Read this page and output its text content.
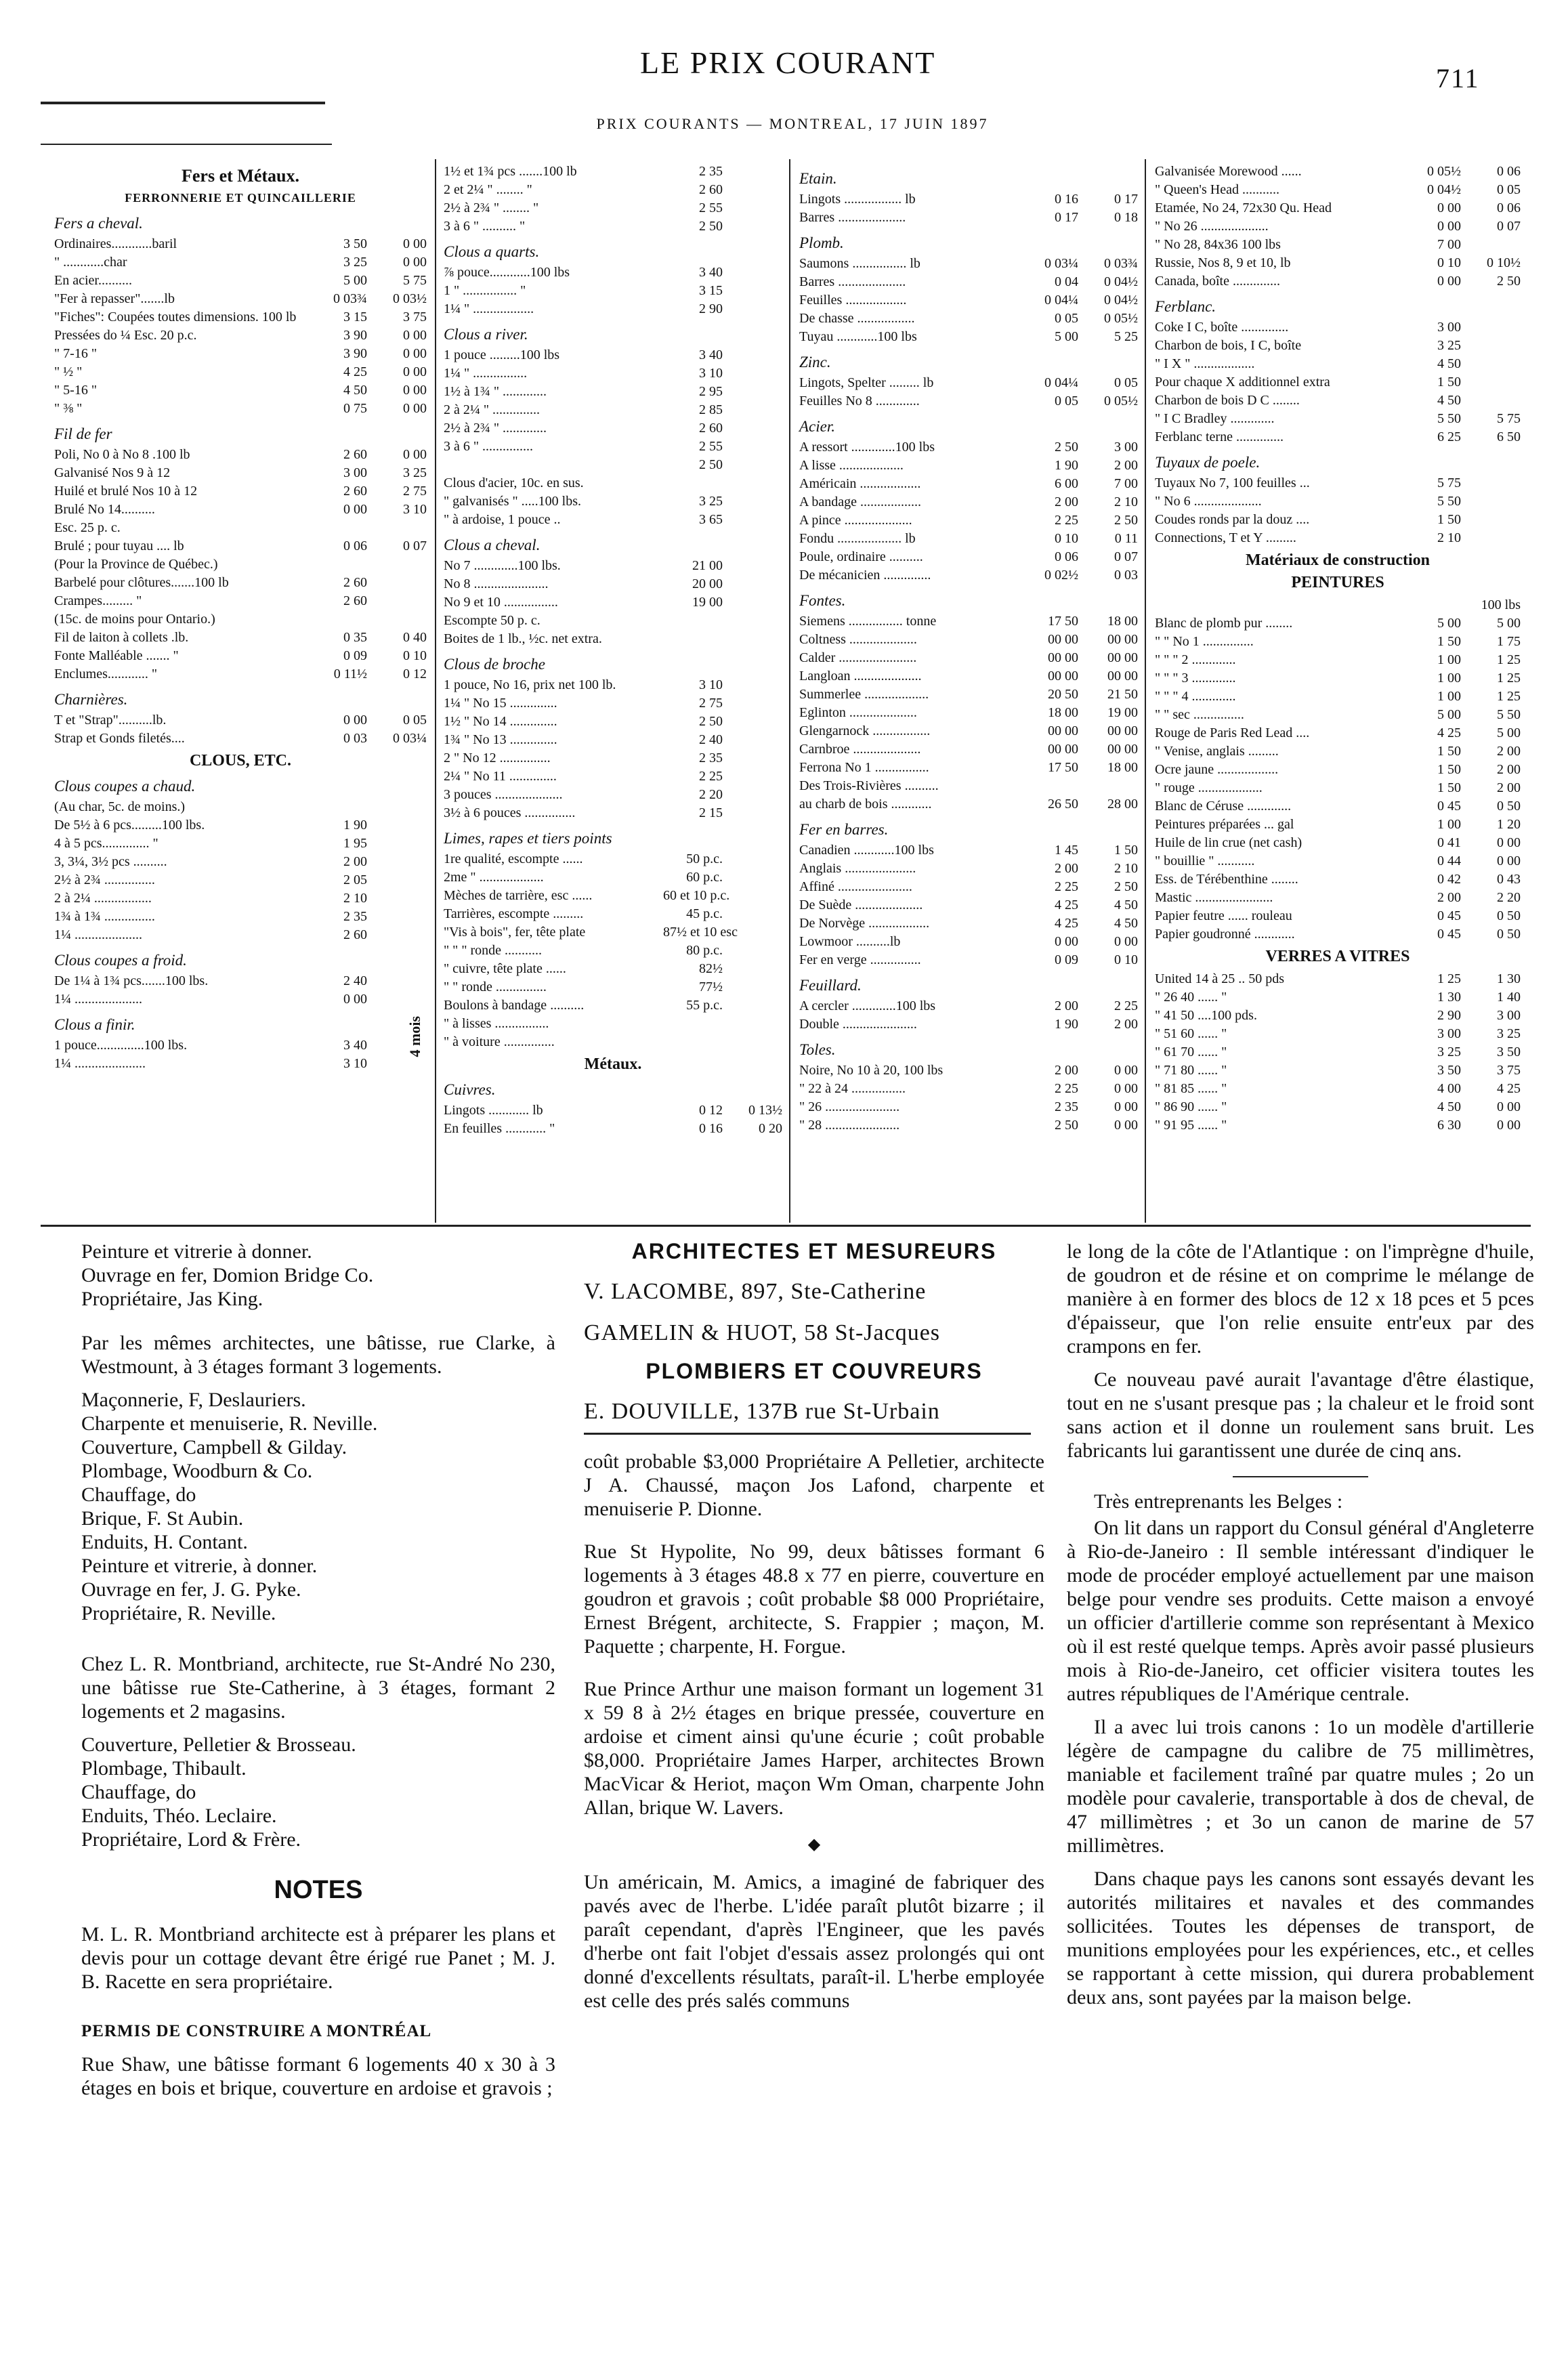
LE PRIX COURANT	711
PRIX COURANTS — MONTREAL, 17 JUIN 1897
Fers et Métaux.
FERRONNERIE ET QUINCAILLERIE
Fers a cheval.
Ordinaires............baril	3 50	0 00
" ............char	3 25	0 00
En acier..........	5 00	5 75
"Fer à repasser".......lb	0 03¾	0 03½
"Fiches": Coupées toutes dimensions. 100 lb	3 15	3 75
Pressées do ¼ Esc. 20 p.c.	3 90	0 00
" 7-16 "	3 90	0 00
" ½ "	4 25	0 00
" 5-16 "	4 50	0 00
" ⅜ "	0 75	0 00
Fil de fer
Poli, No 0 à No 8 .100 lb	2 60	0 00
Galvanisé Nos 9 à 12	3 00	3 25
Huilé et brulé Nos 10 à 12	2 60	2 75
Brulé No 14..........	0 00	3 10
Esc. 25 p. c.
Brulé ; pour tuyau .... lb	0 06	0 07
(Pour la Province de Québec.)
Barbelé pour clôtures.......100 lb	2 60
Crampes......... "	2 60
(15c. de moins pour Ontario.)
Fil de laiton à collets .lb.	0 35	0 40
Fonte Malléable ....... "	0 09	0 10
Enclumes............ "	0 11½	0 12
Charnières.
T et "Strap"..........lb.	0 00	0 05
Strap et Gonds filetés....	0 03	0 03¼
CLOUS, ETC.
Clous coupes a chaud.
(Au char, 5c. de moins.)
De 5½ à 6 pcs.........100 lbs.	1 90
4 à 5 pcs.............. "	1 95
3, 3¼, 3½ pcs ..........	2 00
2½ à 2¾ ...............	2 05
2 à 2¼ .................	2 10
1¾ à 1¾ ...............	2 35
1¼ ....................	2 60
Clous coupes a froid.
De 1¼ à 1¾ pcs.......100 lbs.	2 40
1¼ ....................	0 00
Clous a finir.
1 pouce..............100 lbs.	3 40
1¼ .....................	3 10
4 mois
1½ et 1¾ pcs .......100 lb	2 35
2 et 2¼ " ........ "	2 60
2½ à 2¾ " ........ "	2 55
3 à 6 " .......... "	2 50
Clous a quarts.
⅞ pouce............100 lbs	3 40
1 " ................ "	3 15
1¼ " ..................	2 90
Clous a river.
1 pouce .........100 lbs	3 40
1¼ " ................	3 10
1½ à 1¾ " .............	2 95
2 à 2¼ " ..............	2 85
2½ à 2¾ " .............	2 60
3 à 6 " ...............	2 55
2 50
Clous d'acier, 10c. en sus.
" galvanisés " .....100 lbs.	3 25
" à ardoise, 1 pouce ..	3 65
Clous a cheval.
No 7 .............100 lbs.	21 00
No 8 ......................	20 00
No 9 et 10 ................	19 00
Escompte 50 p. c.
Boites de 1 lb., ½c. net extra.
Clous de broche
1 pouce, No 16, prix net 100 lb.	3 10
1¼ " No 15 ..............	2 75
1½ " No 14 ..............	2 50
1¾ " No 13 ..............	2 40
2 " No 12 ...............	2 35
2¼ " No 11 ..............	2 25
3 pouces ....................	2 20
3½ à 6 pouces ...............	2 15
Limes, rapes et tiers points
1re qualité, escompte ......	50 p.c.
2me " ...................	60 p.c.
Mèches de tarrière, esc ......	60 et 10 p.c.
Tarrières, escompte .........	45 p.c.
"Vis à bois", fer, tête plate	87½ et 10 esc
" " " ronde ...........	80 p.c.
" cuivre, tête plate ......	82½
" " ronde ...............	77½
Boulons à bandage ..........	55 p.c.
" à lisses ................
" à voiture ...............
Métaux.
Cuivres.
Lingots ............ lb	0 12	0 13½
En feuilles ............ "	0 16	0 20
Etain.
Lingots ................. lb	0 16	0 17
Barres ....................	0 17	0 18
Plomb.
Saumons ................ lb	0 03¼	0 03¾
Barres ....................	0 04	0 04½
Feuilles ..................	0 04¼	0 04½
De chasse .................	0 05	0 05½
Tuyau ............100 lbs	5 00	5 25
Zinc.
Lingots, Spelter ......... lb	0 04¼	0 05
Feuilles No 8 .............	0 05	0 05½
Acier.
A ressort .............100 lbs	2 50	3 00
A lisse ...................	1 90	2 00
Américain ..................	6 00	7 00
A bandage ..................	2 00	2 10
A pince ....................	2 25	2 50
Fondu ................... lb	0 10	0 11
Poule, ordinaire ..........	0 06	0 07
De mécanicien ..............	0 02½	0 03
Fontes.
Siemens ................ tonne	17 50	18 00
Coltness ....................	00 00	00 00
Calder .......................	00 00	00 00
Langloan ....................	00 00	00 00
Summerlee ...................	20 50	21 50
Eglinton ....................	18 00	19 00
Glengarnock .................	00 00	00 00
Carnbroe ....................	00 00	00 00
Ferrona No 1 ................	17 50	18 00
Des Trois-Rivières ..........
au charb de bois ............	26 50	28 00
Fer en barres.
Canadien ............100 lbs	1 45	1 50
Anglais .....................	2 00	2 10
Affiné ......................	2 25	2 50
De Suède ....................	4 25	4 50
De Norvège ..................	4 25	4 50
Lowmoor ..........lb	0 00	0 00
Fer en verge ...............	0 09	0 10
Feuillard.
A cercler .............100 lbs	2 00	2 25
Double ......................	1 90	2 00
Toles.
Noire, No 10 à 20, 100 lbs	2 00	0 00
" 22 à 24 ................	2 25	0 00
" 26 ......................	2 35	0 00
" 28 ......................	2 50	0 00
Galvanisée Morewood ......	0 05½	0 06
" Queen's Head ...........	0 04½	0 05
Etamée, No 24, 72x30 Qu. Head	0 00	0 06
" No 26 ....................	0 00	0 07
" No 28, 84x36 100 lbs	7 00
Russie, Nos 8, 9 et 10, lb	0 10	0 10½
Canada, boîte ..............	0 00	2 50
Ferblanc.
Coke I C, boîte ..............	3 00
Charbon de bois, I C, boîte	3 25
" I X " ..................	4 50
Pour chaque X additionnel extra	1 50
Charbon de bois D C ........	4 50
" I C Bradley .............	5 50	5 75
Ferblanc terne ..............	6 25	6 50
Tuyaux de poele.
Tuyaux No 7, 100 feuilles ...	5 75
" No 6 ....................	5 50
Coudes ronds par la douz ....	1 50
Connections, T et Y .........	2 10
Matériaux de construction
PEINTURES
100 lbs
Blanc de plomb pur ........	5 00	5 00
" " No 1 ...............	1 50	1 75
" " " 2 .............	1 00	1 25
" " " 3 .............	1 00	1 25
" " " 4 .............	1 00	1 25
" " sec ...............	5 00	5 50
Rouge de Paris Red Lead ....	4 25	5 00
" Venise, anglais .........	1 50	2 00
Ocre jaune ..................	1 50	2 00
" rouge ...................	1 50	2 00
Blanc de Céruse .............	0 45	0 50
Peintures préparées ... gal	1 00	1 20
Huile de lin crue (net cash)	0 41	0 00
" bouillie " ...........	0 44	0 00
Ess. de Térébenthine ........	0 42	0 43
Mastic .......................	2 00	2 20
Papier feutre ...... rouleau	0 45	0 50
Papier goudronné ............	0 45	0 50
VERRES A VITRES
United 14 à 25 .. 50 pds	1 25	1 30
" 26 40 ...... "	1 30	1 40
" 41 50 ....100 pds.	2 90	3 00
" 51 60 ...... "	3 00	3 25
" 61 70 ...... "	3 25	3 50
" 71 80 ...... "	3 50	3 75
" 81 85 ...... "	4 00	4 25
" 86 90 ...... "	4 50	0 00
" 91 95 ...... "	6 30	0 00
Peinture et vitrerie à donner.
Ouvrage en fer, Domion Bridge Co.
Propriétaire, Jas King.

Par les mêmes architectes, une bâtisse, rue Clarke, à Westmount, à 3 étages formant 3 logements.

Maçonnerie, F, Deslauriers.
Charpente et menuiserie, R. Neville.
Couverture, Campbell & Gilday.
Plombage, Woodburn & Co.
Chauffage, do
Brique, F. St Aubin.
Enduits, H. Contant.
Peinture et vitrerie, à donner.
Ouvrage en fer, J. G. Pyke.
Propriétaire, R. Neville.

Chez L. R. Montbriand, architecte, rue St-André No 230, une bâtisse rue Ste-Catherine, à 3 étages, formant 2 logements et 2 magasins.

Couverture, Pelletier & Brosseau.
Plombage, Thibault.
Chauffage, do
Enduits, Théo. Leclaire.
Propriétaire, Lord & Frère.
NOTES

M. L. R. Montbriand architecte est à préparer les plans et devis pour un cottage devant être érigé rue Panet ; M. J. B. Racette en sera propriétaire.

PERMIS DE CONSTRUIRE A MONTRÉAL

Rue Shaw, une bâtisse formant 6 logements 40 x 30 à 3 étages en bois et brique, couverture en ardoise et gravois ;

ARCHITECTES ET MESUREURS
V. LACOMBE, 897, Ste-Catherine
GAMELIN & HUOT, 58 St-Jacques
PLOMBIERS ET COUVREURS
E. DOUVILLE, 137B rue St-Urbain

coût probable $3,000 Propriétaire A Pelletier, architecte J A. Chaussé, maçon Jos Lafond, charpente et menuiserie P. Dionne.

Rue St Hypolite, No 99, deux bâtisses formant 6 logements à 3 étages 48.8 x 77 en pierre, couverture en goudron et gravois ; coût probable $8 000 Propriétaire, Ernest Brégent, architecte, S. Frappier ; maçon, M. Paquette ; charpente, H. Forgue.

Rue Prince Arthur une maison formant un logement 31 x 59 8 à 2½ étages en brique pressée, couverture en ardoise et ciment ainsi qu'une écurie ; coût probable $8,000. Propriétaire James Harper, architectes Brown MacVicar & Heriot, maçon Wm Oman, charpente John Allan, brique W. Lavers.

◆

Un américain, M. Amics, a imaginé de fabriquer des pavés avec de l'herbe. L'idée paraît plutôt bizarre ; il paraît cependant, d'après l'Engineer, que les pavés d'herbe ont fait l'objet d'essais assez prolongés qui ont donné d'excellents résultats, paraît-il. L'herbe employée est celle des prés salés communs

le long de la côte de l'Atlantique : on l'imprègne d'huile, de goudron et de résine et on comprime le mélange de manière à en former des blocs de 12 x 18 pces et 5 pces d'épaisseur, que l'on relie ensuite entr'eux par des crampons en fer.

Ce nouveau pavé aurait l'avantage d'être élastique, tout en ne s'usant presque pas ; la chaleur et le froid sont sans action et il donne un roulement sans bruit. Les fabricants lui garantissent une durée de cinq ans.

Très entreprenants les Belges :

On lit dans un rapport du Consul général d'Angleterre à Rio-de-Janeiro : Il semble intéressant d'indiquer le mode de procéder employé actuellement par une maison belge pour vendre ses produits. Cette maison a envoyé un officier d'artillerie comme son représentant à Mexico où il est resté quelque temps. Après avoir passé plusieurs mois à Rio-de-Janeiro, cet officier visitera toutes les autres républiques de l'Amérique centrale.

Il a avec lui trois canons : 1o un modèle d'artillerie légère de campagne du calibre de 75 millimètres, maniable et facilement traîné par quatre mules ; 2o un modèle pour cavalerie, transportable à dos de cheval, de 47 millimètres ; et 3o un canon de marine de 57 millimètres.

Dans chaque pays les canons sont essayés devant les autorités militaires et navales et des commandes sollicitées. Toutes les dépenses de transport, de munitions employées pour les expériences, etc., et celles se rapportant à cette mission, qui durera probablement deux ans, sont payées par la maison belge.
